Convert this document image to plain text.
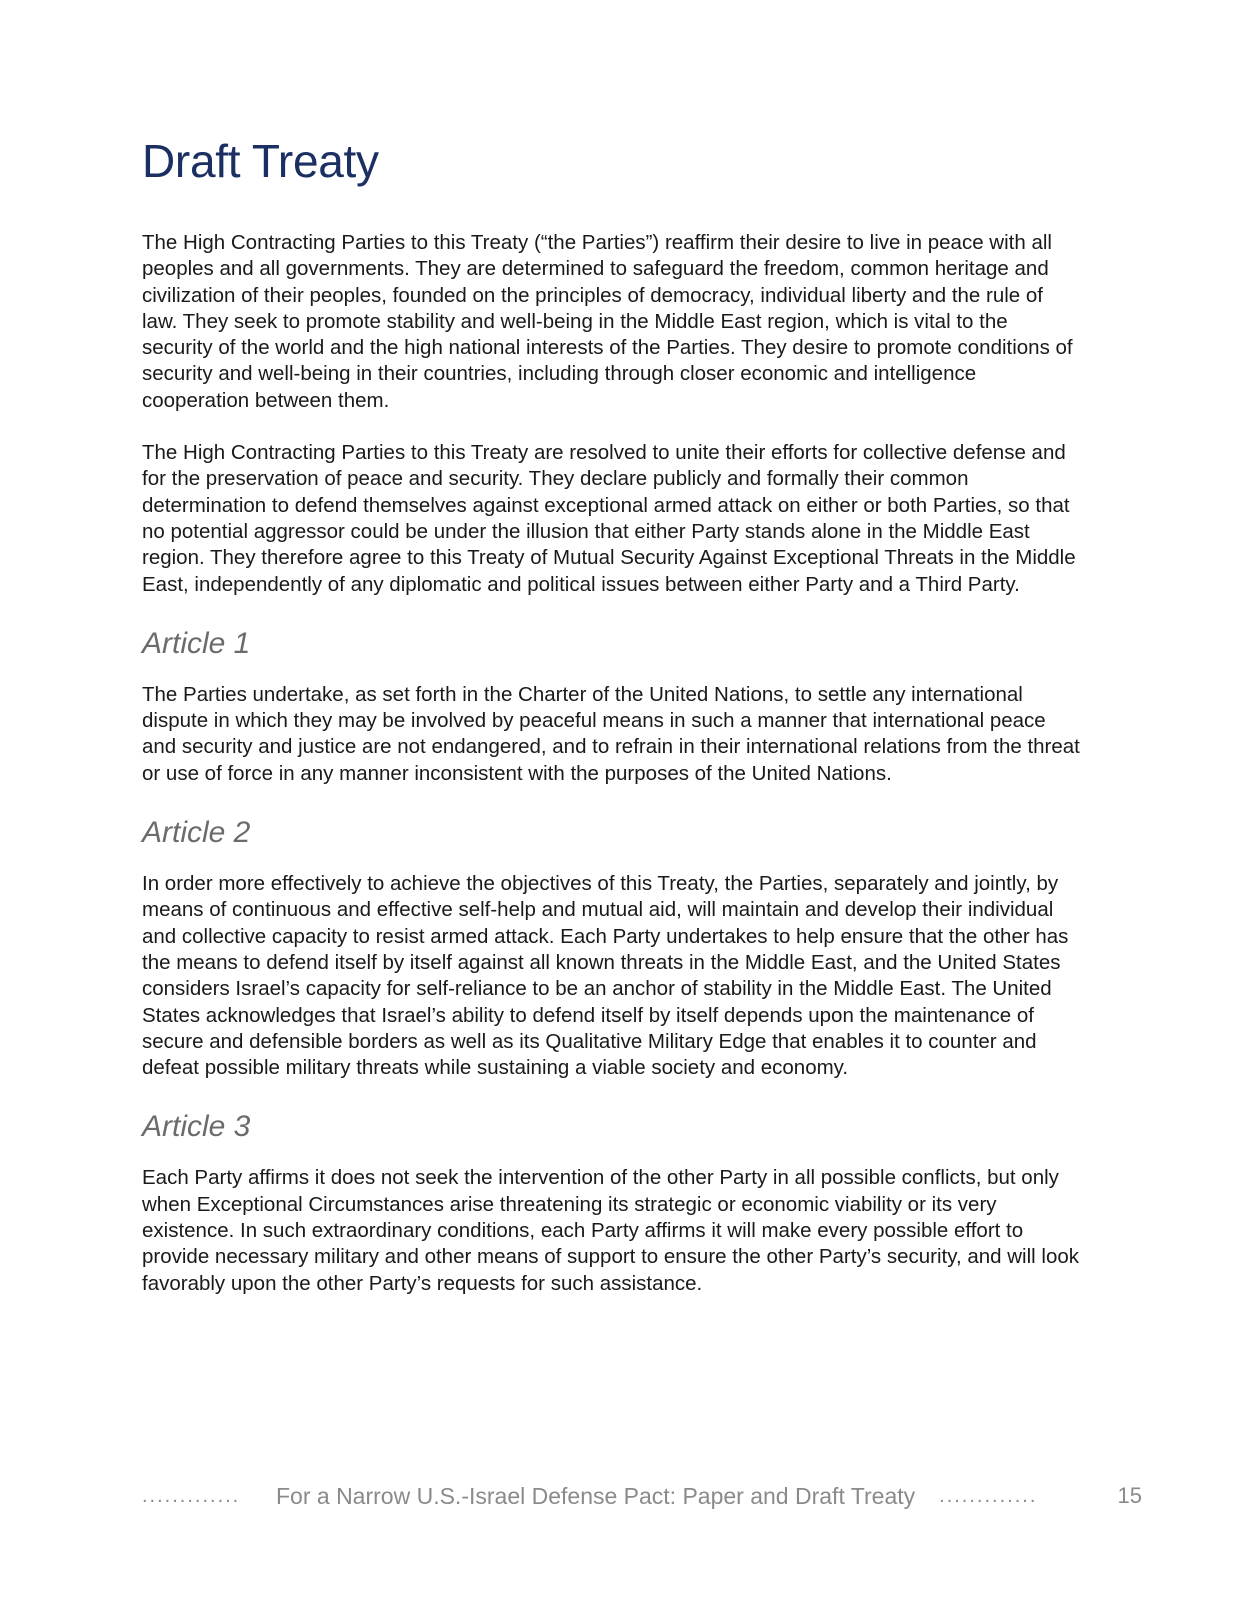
Draft Treaty

The High Contracting Parties to this Treaty (“the Parties”) reaffirm their desire to live in peace with all peoples and all governments. They are determined to safeguard the freedom, common heritage and civilization of their peoples, founded on the principles of democracy, individual liberty and the rule of law. They seek to promote stability and well-being in the Middle East region, which is vital to the security of the world and the high national interests of the Parties. They desire to promote conditions of security and well-being in their countries, including through closer economic and intelligence cooperation between them.

The High Contracting Parties to this Treaty are resolved to unite their efforts for collective defense and for the preservation of peace and security. They declare publicly and formally their common determination to defend themselves against exceptional armed attack on either or both Parties, so that no potential aggressor could be under the illusion that either Party stands alone in the Middle East region. They therefore agree to this Treaty of Mutual Security Against Exceptional Threats in the Middle East, independently of any diplomatic and political issues between either Party and a Third Party.

Article 1

The Parties undertake, as set forth in the Charter of the United Nations, to settle any international dispute in which they may be involved by peaceful means in such a manner that international peace and security and justice are not endangered, and to refrain in their international relations from the threat or use of force in any manner inconsistent with the purposes of the United Nations.

Article 2

In order more effectively to achieve the objectives of this Treaty, the Parties, separately and jointly, by means of continuous and effective self-help and mutual aid, will maintain and develop their individual and collective capacity to resist armed attack. Each Party undertakes to help ensure that the other has the means to defend itself by itself against all known threats in the Middle East, and the United States considers Israel’s capacity for self-reliance to be an anchor of stability in the Middle East. The United States acknowledges that Israel’s ability to defend itself by itself depends upon the maintenance of secure and defensible borders as well as its Qualitative Military Edge that enables it to counter and defeat possible military threats while sustaining a viable society and economy.

Article 3

Each Party affirms it does not seek the intervention of the other Party in all possible conflicts, but only when Exceptional Circumstances arise threatening its strategic or economic viability or its very existence. In such extraordinary conditions, each Party affirms it will make every possible effort to provide necessary military and other means of support to ensure the other Party’s security, and will look favorably upon the other Party’s requests for such assistance.

.............	For a Narrow U.S.-Israel Defense Pact: Paper and Draft Treaty .............	15
